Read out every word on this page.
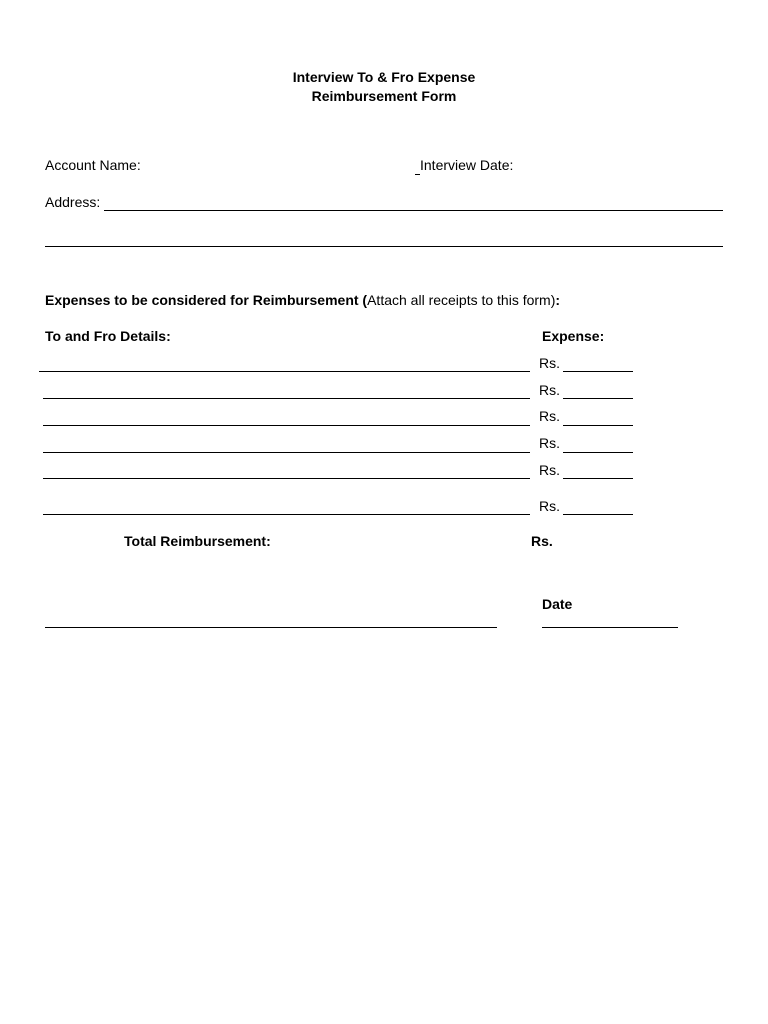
Interview To & Fro Expense
Reimbursement Form
Account Name:	Interview Date:
Address:
Expenses to be considered for Reimbursement (Attach all receipts to this form):
To and Fro Details:	Expense:
Rs.
Rs.
Rs.
Rs.
Rs.
Rs.
Total Reimbursement:	Rs.
Date
